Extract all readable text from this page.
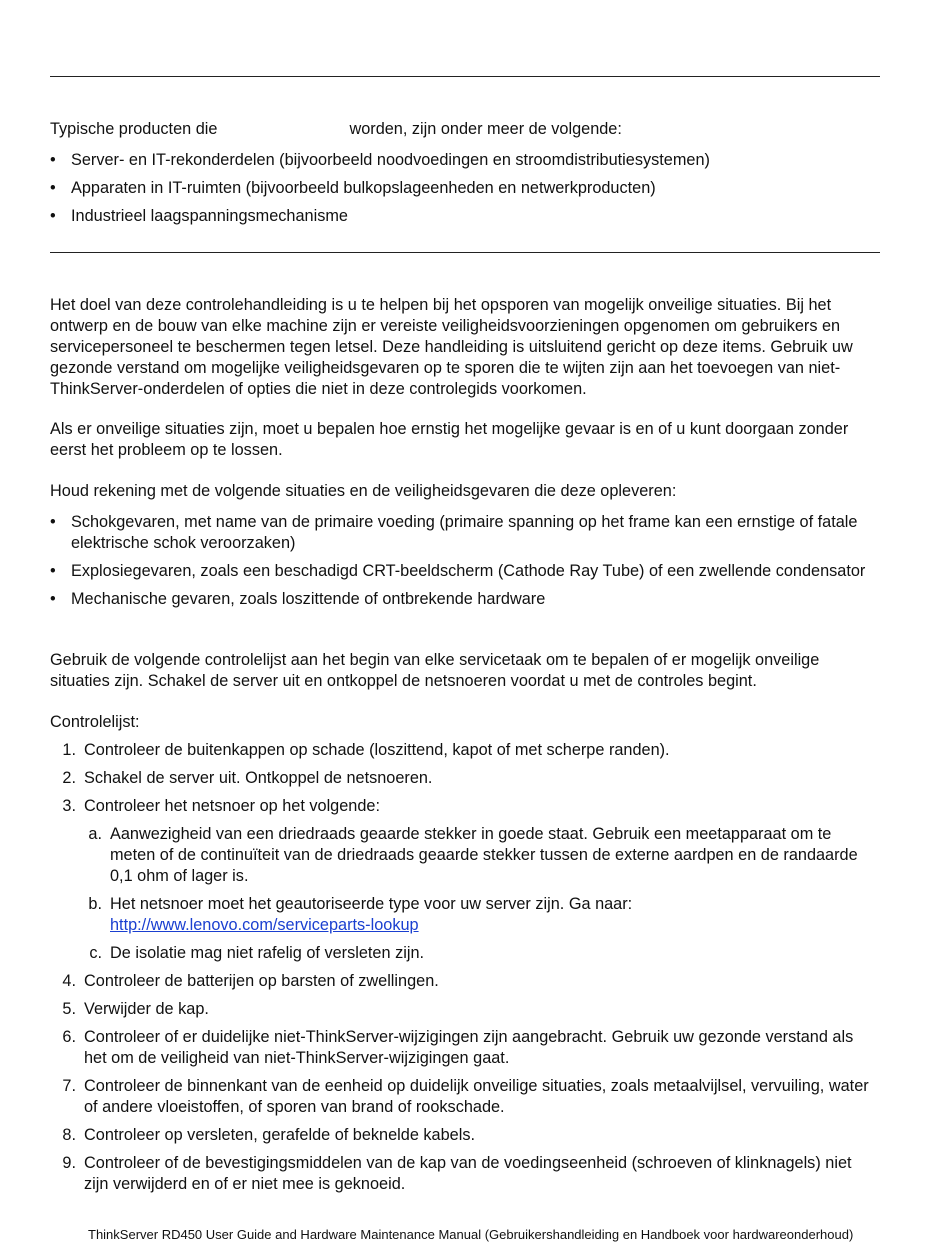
Typische producten die	worden, zijn onder meer de volgende:

• Server- en IT-rekonderdelen (bijvoorbeeld noodvoedingen en stroomdistributiesystemen)
• Apparaten in IT-ruimten (bijvoorbeeld bulkopslageenheden en netwerkproducten)
• Industrieel laagspanningsmechanisme

Het doel van deze controlehandleiding is u te helpen bij het opsporen van mogelijk onveilige situaties. Bij het ontwerp en de bouw van elke machine zijn er vereiste veiligheidsvoorzieningen opgenomen om gebruikers en servicepersoneel te beschermen tegen letsel. Deze handleiding is uitsluitend gericht op deze items. Gebruik uw gezonde verstand om mogelijke veiligheidsgevaren op te sporen die te wijten zijn aan het toevoegen van niet-ThinkServer-onderdelen of opties die niet in deze controlegids voorkomen.

Als er onveilige situaties zijn, moet u bepalen hoe ernstig het mogelijke gevaar is en of u kunt doorgaan zonder eerst het probleem op te lossen.

Houd rekening met de volgende situaties en de veiligheidsgevaren die deze opleveren:

• Schokgevaren, met name van de primaire voeding (primaire spanning op het frame kan een ernstige of fatale elektrische schok veroorzaken)
• Explosiegevaren, zoals een beschadigd CRT-beeldscherm (Cathode Ray Tube) of een zwellende condensator
• Mechanische gevaren, zoals loszittende of ontbrekende hardware

Gebruik de volgende controlelijst aan het begin van elke servicetaak om te bepalen of er mogelijk onveilige situaties zijn. Schakel de server uit en ontkoppel de netsnoeren voordat u met de controles begint.

Controlelijst:

1. Controleer de buitenkappen op schade (loszittend, kapot of met scherpe randen).
2. Schakel de server uit. Ontkoppel de netsnoeren.
3. Controleer het netsnoer op het volgende:
a. Aanwezigheid van een driedraads geaarde stekker in goede staat. Gebruik een meetapparaat om te meten of de continuïteit van de driedraads geaarde stekker tussen de externe aardpen en de randaarde 0,1 ohm of lager is.
b. Het netsnoer moet het geautoriseerde type voor uw server zijn. Ga naar:
http://www.lenovo.com/serviceparts-lookup
c. De isolatie mag niet rafelig of versleten zijn.
4. Controleer de batterijen op barsten of zwellingen.
5. Verwijder de kap.
6. Controleer of er duidelijke niet-ThinkServer-wijzigingen zijn aangebracht. Gebruik uw gezonde verstand als het om de veiligheid van niet-ThinkServer-wijzigingen gaat.
7. Controleer de binnenkant van de eenheid op duidelijk onveilige situaties, zoals metaalvijlsel, vervuiling, water of andere vloeistoffen, of sporen van brand of rookschade.
8. Controleer op versleten, gerafelde of beknelde kabels.
9. Controleer of de bevestigingsmiddelen van de kap van de voedingseenheid (schroeven of klinknagels) niet zijn verwijderd en of er niet mee is geknoeid.
ThinkServer RD450 User Guide and Hardware Maintenance Manual (Gebruikershandleiding en Handboek voor hardwareonderhoud)
